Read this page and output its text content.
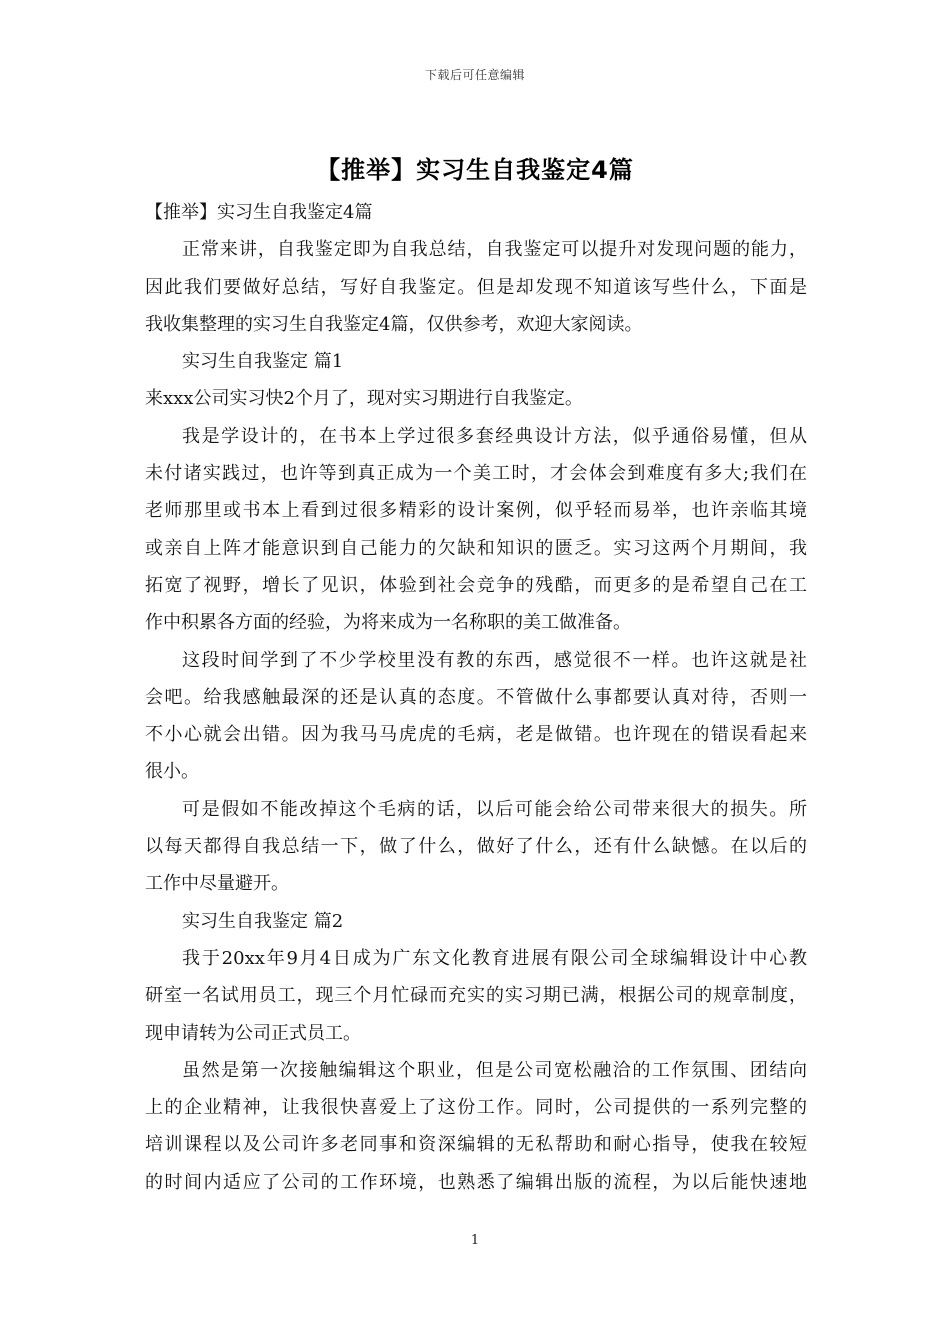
下载后可任意编辑
【推举】实习生自我鉴定4篇
【推举】实习生自我鉴定4篇
正常来讲，自我鉴定即为自我总结，自我鉴定可以提升对发现问题的能力，
因此我们要做好总结，写好自我鉴定。但是却发现不知道该写些什么，下面是
我收集整理的实习生自我鉴定4篇，仅供参考，欢迎大家阅读。
实习生自我鉴定 篇1
来xxx公司实习快2个月了，现对实习期进行自我鉴定。
我是学设计的，在书本上学过很多套经典设计方法，似乎通俗易懂，但从
未付诸实践过，也许等到真正成为一个美工时，才会体会到难度有多大;我们在
老师那里或书本上看到过很多精彩的设计案例，似乎轻而易举，也许亲临其境
或亲自上阵才能意识到自己能力的欠缺和知识的匮乏。实习这两个月期间，我
拓宽了视野，增长了见识，体验到社会竞争的残酷，而更多的是希望自己在工
作中积累各方面的经验，为将来成为一名称职的美工做准备。
这段时间学到了不少学校里没有教的东西，感觉很不一样。也许这就是社
会吧。给我感触最深的还是认真的态度。不管做什么事都要认真对待，否则一
不小心就会出错。因为我马马虎虎的毛病，老是做错。也许现在的错误看起来
很小。
可是假如不能改掉这个毛病的话，以后可能会给公司带来很大的损失。所
以每天都得自我总结一下，做了什么，做好了什么，还有什么缺憾。在以后的
工作中尽量避开。
实习生自我鉴定 篇2
我于20xx年9月4日成为广东文化教育进展有限公司全球编辑设计中心教
研室一名试用员工，现三个月忙碌而充实的实习期已满，根据公司的规章制度，
现申请转为公司正式员工。
虽然是第一次接触编辑这个职业，但是公司宽松融洽的工作氛围、团结向
上的企业精神，让我很快喜爱上了这份工作。同时，公司提供的一系列完整的
培训课程以及公司许多老同事和资深编辑的无私帮助和耐心指导，使我在较短
的时间内适应了公司的工作环境，也熟悉了编辑出版的流程，为以后能快速地
1
